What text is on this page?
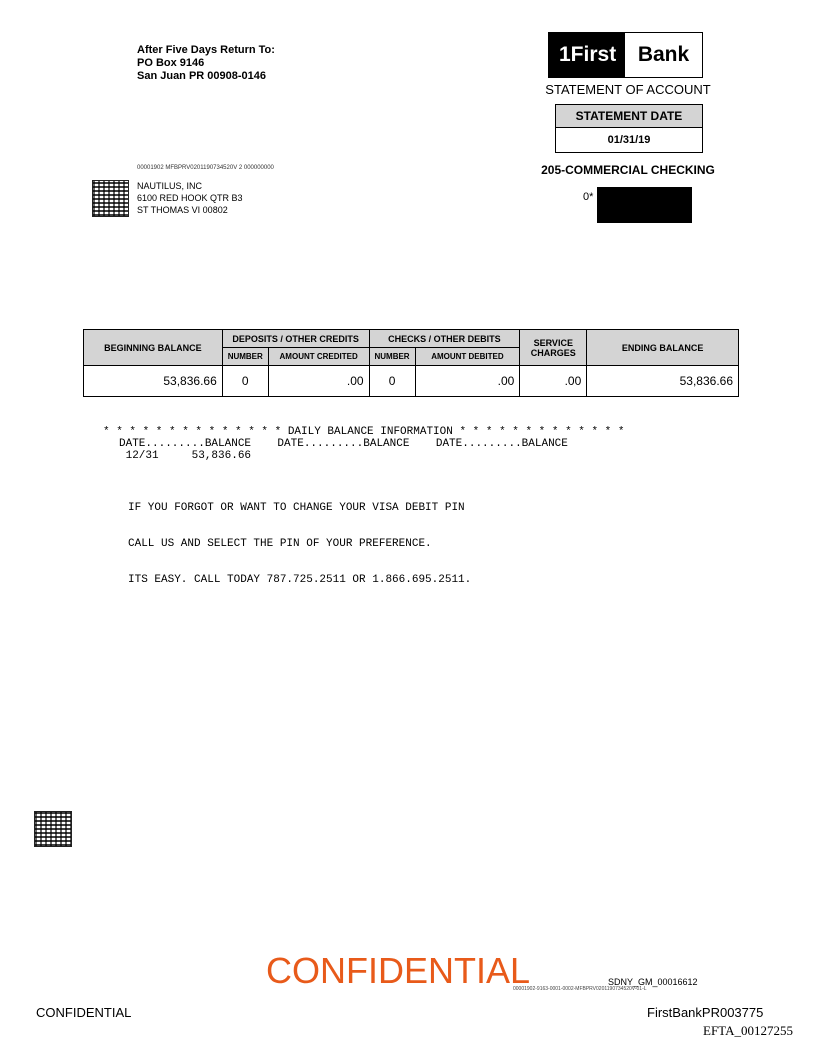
After Five Days Return To:
PO Box 9146
San Juan PR 00908-0146
1First	Bank
STATEMENT OF ACCOUNT
STATEMENT DATE
01/31/19
205-COMMERCIAL CHECKING
0*
00001902 MFBPRV0201190734520V 2 000000000
NAUTILUS, INC
6100 RED HOOK QTR B3
ST THOMAS VI 00802
BEGINNING BALANCE	DEPOSITS / OTHER CREDITS		CHECKS / OTHER DEBITS		SERVICE CHARGES	ENDING BALANCE
	NUMBER	AMOUNT CREDITED	NUMBER	AMOUNT DEBITED		
53,836.66	0	.00	0	.00	.00	53,836.66
* * * * * * * * * * * * * * DAILY BALANCE INFORMATION * * * * * * * * * * * * *
DATE.........BALANCE    DATE.........BALANCE    DATE.........BALANCE
12/31     53,836.66

IF YOU FORGOT OR WANT TO CHANGE YOUR VISA DEBIT PIN

CALL US AND SELECT THE PIN OF YOUR PREFERENCE.

ITS EASY. CALL TODAY 787.725.2511 OR 1.866.695.2511.

CONFIDENTIAL	SDNY_GM_00016612
00001902-9163-0001-0002-MFBPRV0201190734520V-01-L
CONFIDENTIAL	FirstBankPR003775
EFTA_00127255
